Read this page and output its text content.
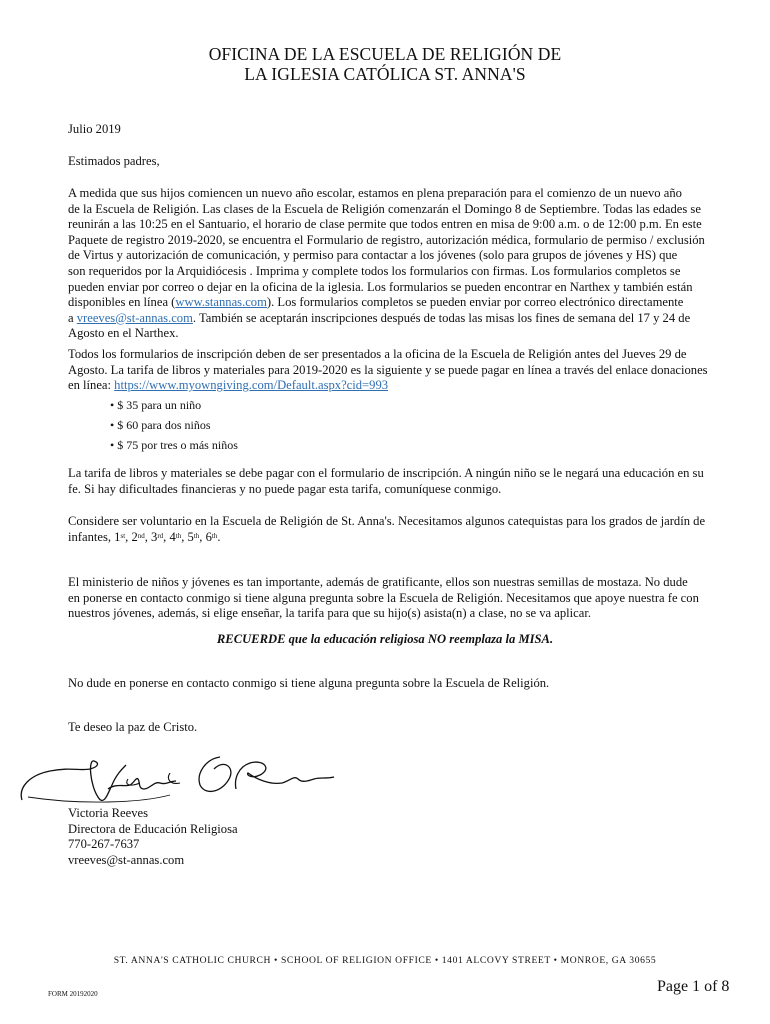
OFICINA DE LA ESCUELA DE RELIGIÓN DE
LA IGLESIA CATÓLICA ST. ANNA'S
Julio 2019
Estimados padres,
A medida que sus hijos comiencen un nuevo año escolar, estamos en plena preparación para el comienzo de un nuevo año
de la Escuela de Religión. Las clases de la Escuela de Religión comenzarán el Domingo 8 de Septiembre. Todas las edades se
reunirán a las 10:25 en el Santuario, el horario de clase permite que todos entren en misa de 9:00 a.m. o de 12:00 p.m. En este
Paquete de registro 2019-2020, se encuentra el Formulario de registro, autorización médica, formulario de permiso / exclusión
de Virtus y autorización de comunicación, y permiso para contactar a los jóvenes (solo para grupos de jóvenes y HS) que
son requeridos por la Arquidiócesis . Imprima y complete todos los formularios con firmas. Los formularios completos se
pueden enviar por correo o dejar en la oficina de la iglesia. Los formularios se pueden encontrar en Narthex y también están
disponibles en línea (www.stannas.com). Los formularios completos se pueden enviar por correo electrónico directamente
a vreeves@st-annas.com. También se aceptarán inscripciones después de todas las misas los fines de semana del 17 y 24 de
Agosto en el Narthex.
Todos los formularios de inscripción deben de ser presentados a la oficina de la Escuela de Religión antes del Jueves 29 de
Agosto. La tarifa de libros y materiales para 2019-2020 es la siguiente y se puede pagar en línea a través del enlace donaciones
en línea: https://www.myowngiving.com/Default.aspx?cid=993
• $ 35 para un niño
• $ 60 para dos niños
• $ 75 por tres o más niños
La tarifa de libros y materiales se debe pagar con el formulario de inscripción. A ningún niño se le negará una educación en su
fe. Si hay dificultades financieras y no puede pagar esta tarifa, comuníquese conmigo.
Considere ser voluntario en la Escuela de Religión de St. Anna's. Necesitamos algunos catequistas para los grados de jardín de
infantes, 1st, 2nd, 3rd, 4th, 5th, 6th.
El ministerio de niños y jóvenes es tan importante, además de gratificante, ellos son nuestras semillas de mostaza. No dude
en ponerse en contacto conmigo si tiene alguna pregunta sobre la Escuela de Religión. Necesitamos que apoye nuestra fe con
nuestros jóvenes, además, si elige enseñar, la tarifa para que su hijo(s) asista(n) a clase, no se va aplicar.
RECUERDE que la educación religiosa NO reemplaza la MISA.
No dude en ponerse en contacto conmigo si tiene alguna pregunta sobre la Escuela de Religión.
Te deseo la paz de Cristo.
Victoria Reeves
Directora de Educación Religiosa
770-267-7637
vreeves@st-annas.com
ST. ANNA'S CATHOLIC CHURCH • SCHOOL OF RELIGION OFFICE • 1401 ALCOVY STREET • MONROE, GA 30655
FORM 20192020	Page 1 of 8
